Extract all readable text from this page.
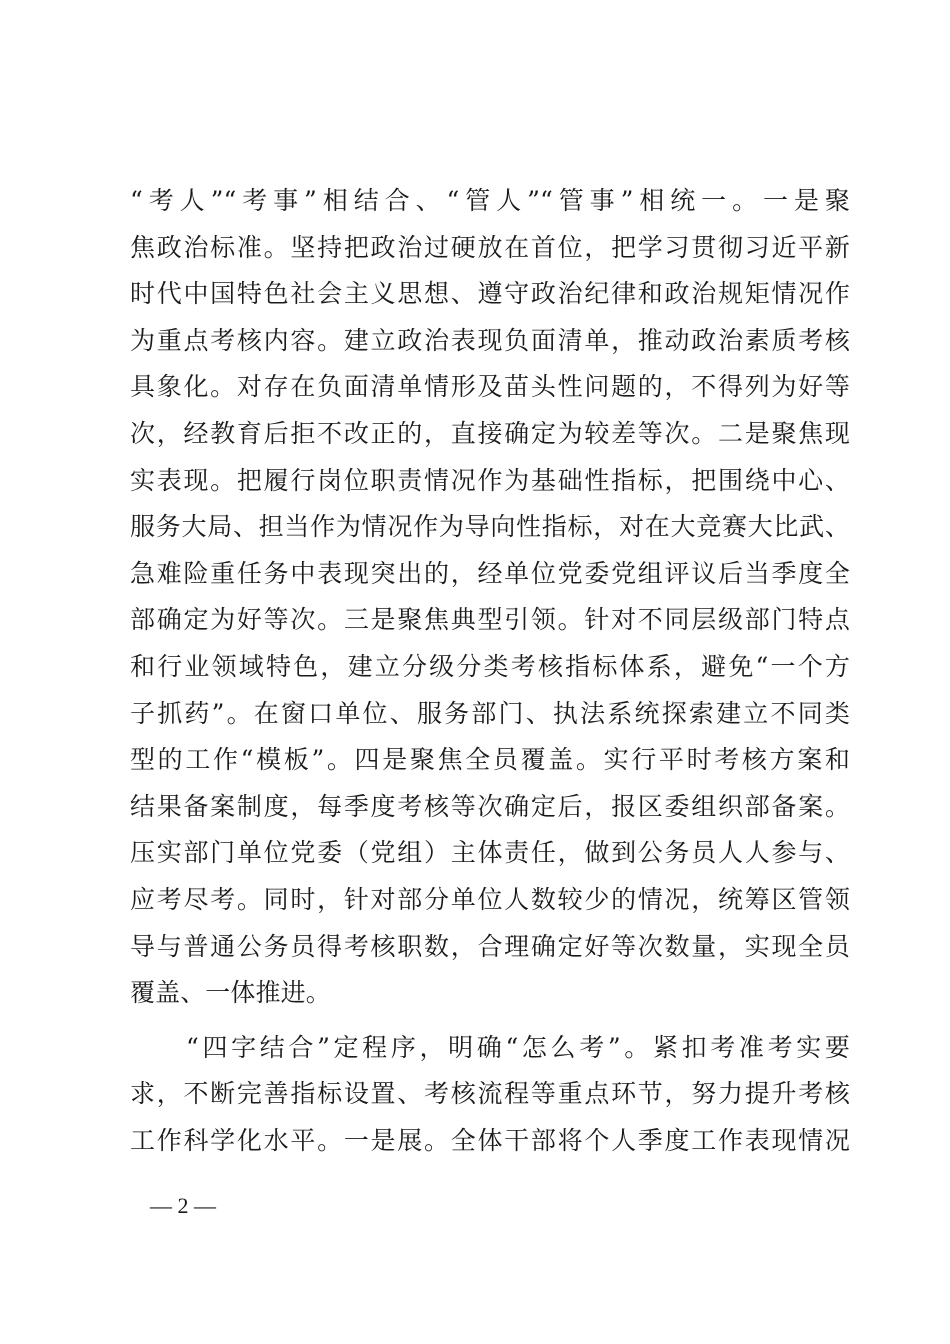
“考人”“考事”相结合、“管人”“管事”相统一。一是聚
焦政治标准。坚持把政治过硬放在首位，把学习贯彻习近平新
时代中国特色社会主义思想、遵守政治纪律和政治规矩情况作
为重点考核内容。建立政治表现负面清单，推动政治素质考核
具象化。对存在负面清单情形及苗头性问题的，不得列为好等
次，经教育后拒不改正的，直接确定为较差等次。二是聚焦现
实表现。把履行岗位职责情况作为基础性指标，把围绕中心、
服务大局、担当作为情况作为导向性指标，对在大竞赛大比武、
急难险重任务中表现突出的，经单位党委党组评议后当季度全
部确定为好等次。三是聚焦典型引领。针对不同层级部门特点
和行业领域特色，建立分级分类考核指标体系，避免“一个方
子抓药”。在窗口单位、服务部门、执法系统探索建立不同类
型的工作“模板”。四是聚焦全员覆盖。实行平时考核方案和
结果备案制度，每季度考核等次确定后，报区委组织部备案。
压实部门单位党委（党组）主体责任，做到公务员人人参与、
应考尽考。同时，针对部分单位人数较少的情况，统筹区管领
导与普通公务员得考核职数，合理确定好等次数量，实现全员
覆盖、一体推进。
“四字结合”定程序，明确“怎么考”。紧扣考准考实要
求，不断完善指标设置、考核流程等重点环节，努力提升考核
工作科学化水平。一是展。全体干部将个人季度工作表现情况
— 2 —
